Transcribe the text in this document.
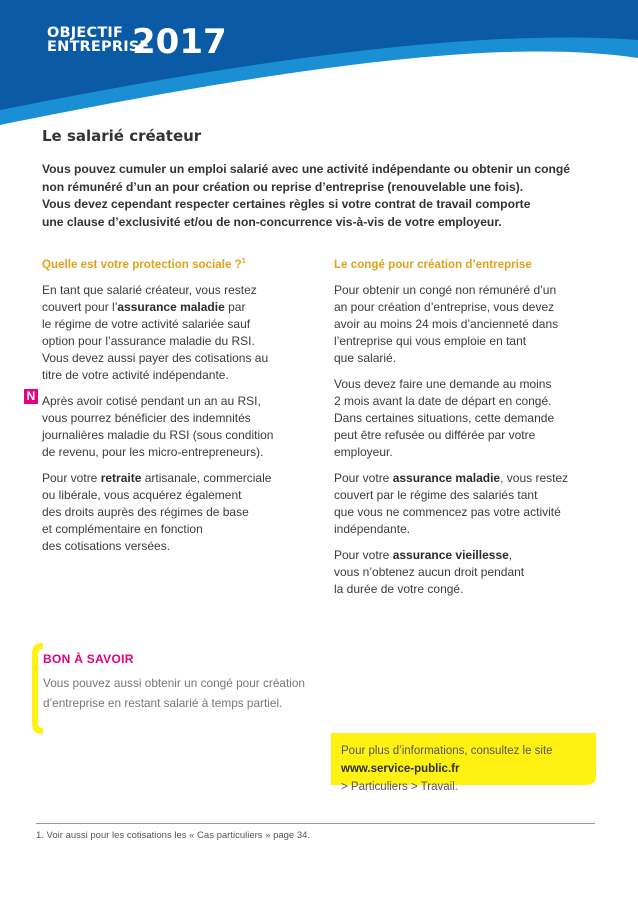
OBJECTIF
ENTREPRISE
2017
Le salarié créateur
Vous pouvez cumuler un emploi salarié avec une activité indépendante ou obtenir un congé
non rémunéré d’un an pour création ou reprise d’entreprise (renouvelable une fois).
Vous devez cependant respecter certaines règles si votre contrat de travail comporte
une clause d’exclusivité et/ou de non-concurrence vis-à-vis de votre employeur.
Quelle est votre protection sociale ?$^1$

En tant que salarié créateur, vous restez
couvert pour l’assurance maladie par
le régime de votre activité salariée sauf
option pour l’assurance maladie du RSI.
Vous devez aussi payer des cotisations au
titre de votre activité indépendante.

Après avoir cotisé pendant un an au RSI,
vous pourrez bénéficier des indemnités
journalières maladie du RSI (sous condition
de revenu, pour les micro-entrepreneurs).

Pour votre retraite artisanale, commerciale
ou libérale, vous acquérez également
des droits auprès des régimes de base
et complémentaire en fonction
des cotisations versées.

N
Le congé pour création d’entreprise

Pour obtenir un congé non rémunéré d’un
an pour création d’entreprise, vous devez
avoir au moins 24 mois d’ancienneté dans
l’entreprise qui vous emploie en tant
que salarié.

Vous devez faire une demande au moins
2 mois avant la date de départ en congé.
Dans certaines situations, cette demande
peut être refusée ou différée par votre
employeur.

Pour votre assurance maladie, vous restez
couvert par le régime des salariés tant
que vous ne commencez pas votre activité
indépendante.

Pour votre assurance vieillesse,
vous n’obtenez aucun droit pendant
la durée de votre congé.

BON À SAVOIR

Vous pouvez aussi obtenir un congé pour création d’entreprise en restant salarié à temps partiel.

Pour plus d’informations, consultez le site
www.service-public.fr
> Particuliers > Travail.
1. Voir aussi pour les cotisations les « Cas particuliers » page 34.
